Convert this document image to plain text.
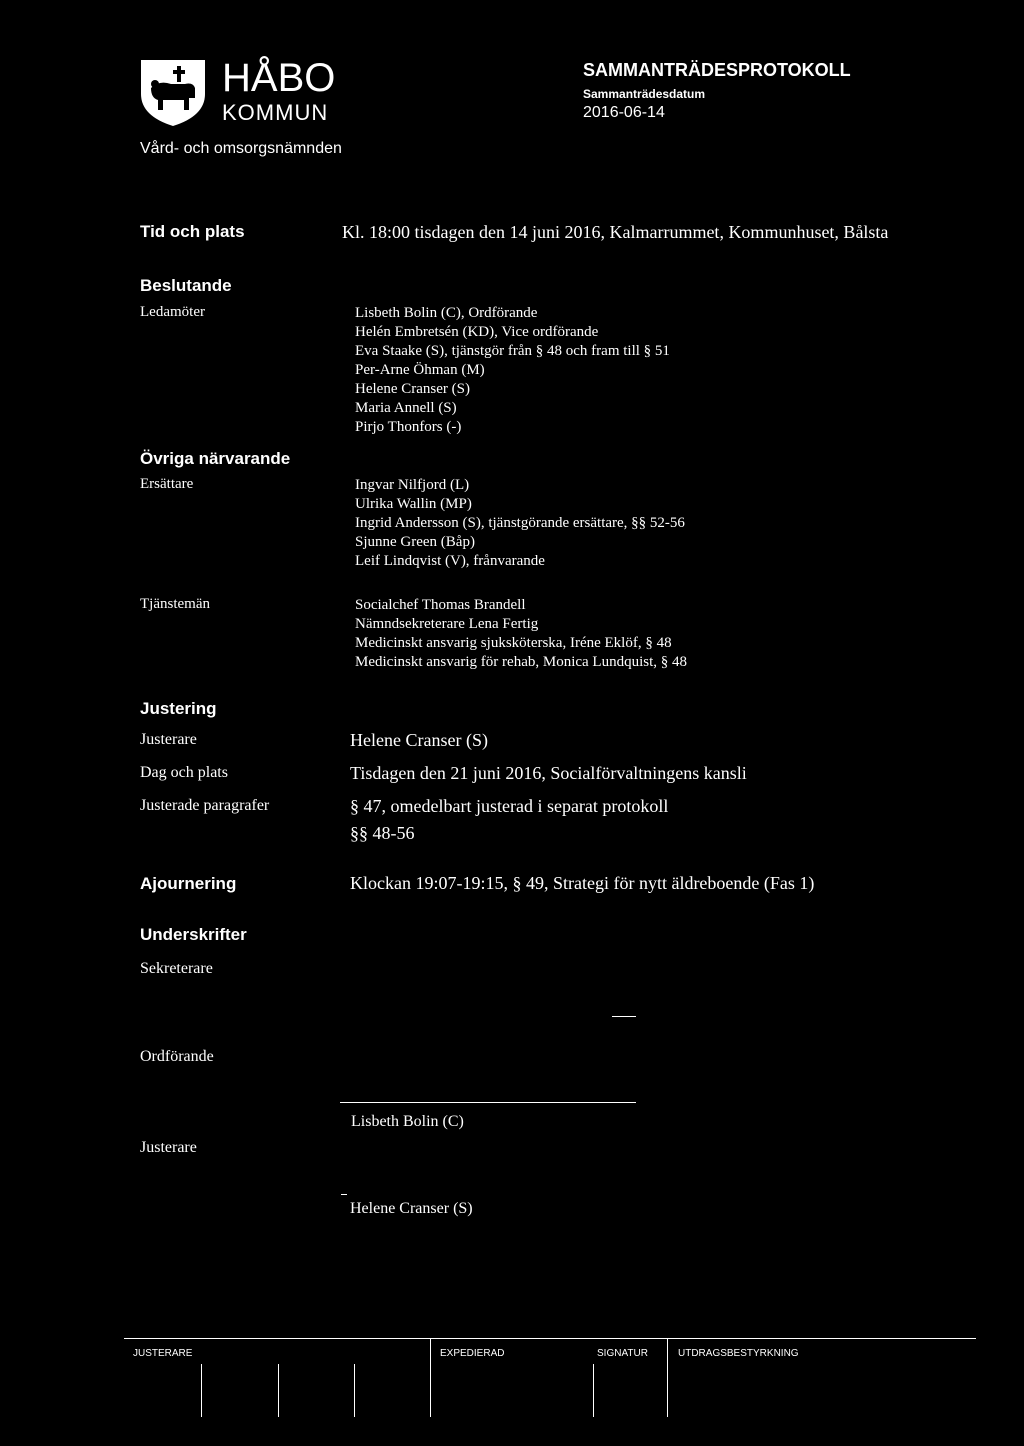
HÅBO
KOMMUN
Vård- och omsorgsnämnden
SAMMANTRÄDESPROTOKOLL
Sammanträdesdatum
2016-06-14
Tid och plats	Kl. 18:00 tisdagen den 14 juni 2016, Kalmarrummet, Kommunhuset, Bålsta
Beslutande
Ledamöter	Lisbeth Bolin (C), Ordförande
Helén Embretsén (KD), Vice ordförande
Eva Staake (S), tjänstgör från § 48 och fram till § 51
Per-Arne Öhman (M)
Helene Cranser (S)
Maria Annell (S)
Pirjo Thonfors (-)
Övriga närvarande
Ersättare	Ingvar Nilfjord (L)
Ulrika Wallin (MP)
Ingrid Andersson (S), tjänstgörande ersättare, §§ 52-56
Sjunne Green (Båp)
Leif Lindqvist (V), frånvarande
Tjänstemän	Socialchef Thomas Brandell
Nämndsekreterare Lena Fertig
Medicinskt ansvarig sjuksköterska, Iréne Eklöf, § 48
Medicinskt ansvarig för rehab, Monica Lundquist, § 48
Justering
Justerare	Helene Cranser (S)
Dag och plats	Tisdagen den 21 juni 2016, Socialförvaltningens kansli
Justerade paragrafer	§ 47, omedelbart justerad i separat protokoll
§§ 48-56
Ajournering	Klockan 19:07-19:15, § 49, Strategi för nytt äldreboende (Fas 1)
Underskrifter
Sekreterare
Ordförande
Lisbeth Bolin (C)
Justerare
Helene Cranser (S)
JUSTERARE	EXPEDIERAD	SIGNATUR	UTDRAGSBESTYRKNING
